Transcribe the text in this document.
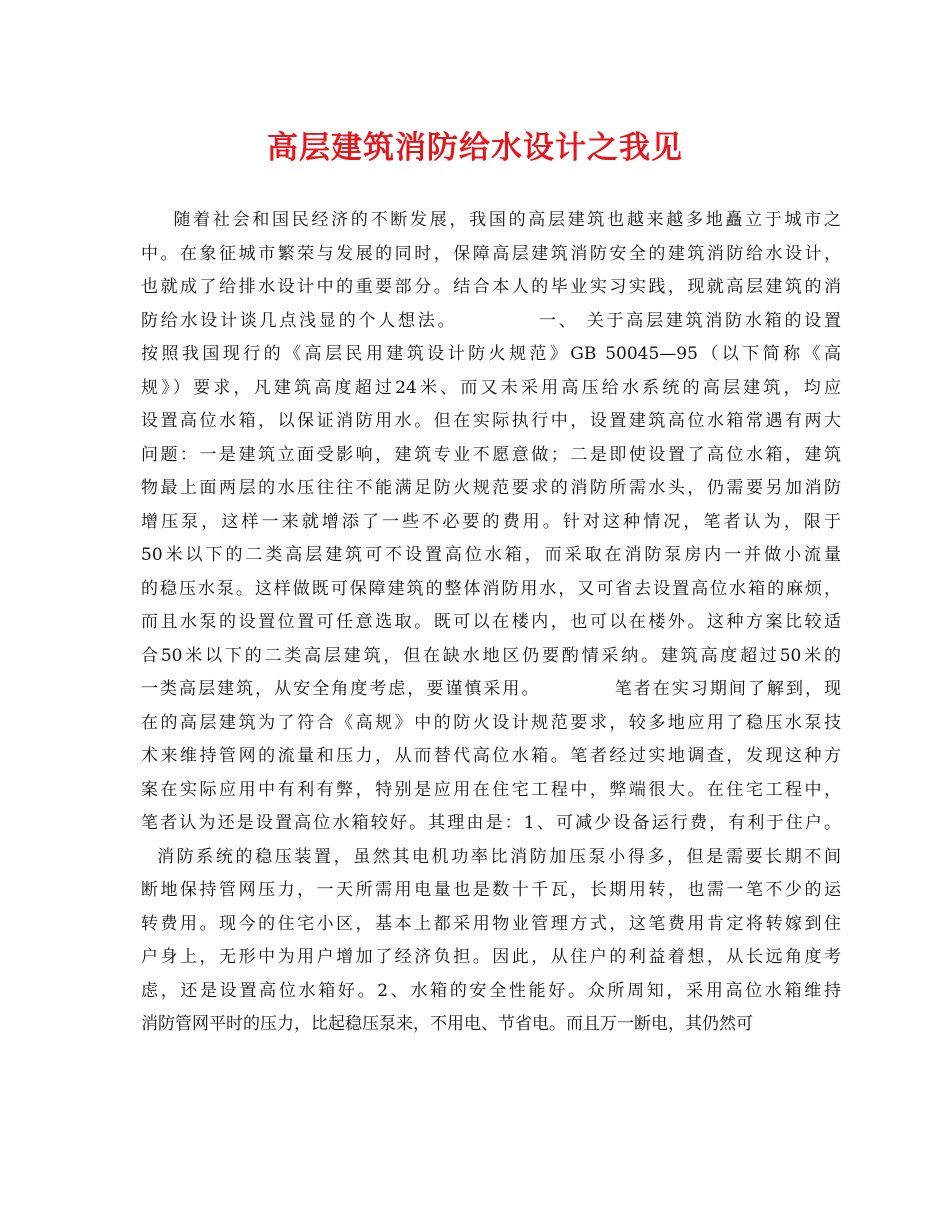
高层建筑消防给水设计之我见
随着社会和国民经济的不断发展，我国的高层建筑也越来越多地矗立于城市之
中。在象征城市繁荣与发展的同时，保障高层建筑消防安全的建筑消防给水设计，
也就成了给排水设计中的重要部分。结合本人的毕业实习实践，现就高层建筑的消
防给水设计谈几点浅显的个人想法。          一、 关于高层建筑消防水箱的设置
按照我国现行的《高层民用建筑设计防火规范》GB 50045—95（以下简称《高
规》）要求，凡建筑高度超过24米、而又未采用高压给水系统的高层建筑，均应
设置高位水箱，以保证消防用水。但在实际执行中，设置建筑高位水箱常遇有两大
问题：一是建筑立面受影响，建筑专业不愿意做；二是即使设置了高位水箱，建筑
物最上面两层的水压往往不能满足防火规范要求的消防所需水头，仍需要另加消防
增压泵，这样一来就增添了一些不必要的费用。针对这种情况，笔者认为，限于
50米以下的二类高层建筑可不设置高位水箱，而采取在消防泵房内一并做小流量
的稳压水泵。这样做既可保障建筑的整体消防用水，又可省去设置高位水箱的麻烦，
而且水泵的设置位置可任意选取。既可以在楼内，也可以在楼外。这种方案比较适
合50米以下的二类高层建筑，但在缺水地区仍要酌情采纳。建筑高度超过50米的
一类高层建筑，从安全角度考虑，要谨慎采用。          笔者在实习期间了解到，现
在的高层建筑为了符合《高规》中的防火设计规范要求，较多地应用了稳压水泵技
术来维持管网的流量和压力，从而替代高位水箱。笔者经过实地调查，发现这种方
案在实际应用中有利有弊，特别是应用在住宅工程中，弊端很大。在住宅工程中，
笔者认为还是设置高位水箱较好。其理由是：1、可减少设备运行费，有利于住户。
消防系统的稳压装置，虽然其电机功率比消防加压泵小得多，但是需要长期不间
断地保持管网压力，一天所需用电量也是数十千瓦，长期用转，也需一笔不少的运
转费用。现今的住宅小区，基本上都采用物业管理方式，这笔费用肯定将转嫁到住
户身上，无形中为用户增加了经济负担。因此，从住户的利益着想，从长远角度考
虑，还是设置高位水箱好。2、水箱的安全性能好。众所周知，采用高位水箱维持
消防管网平时的压力，比起稳压泵来，不用电、节省电。而且万一断电，其仍然可
